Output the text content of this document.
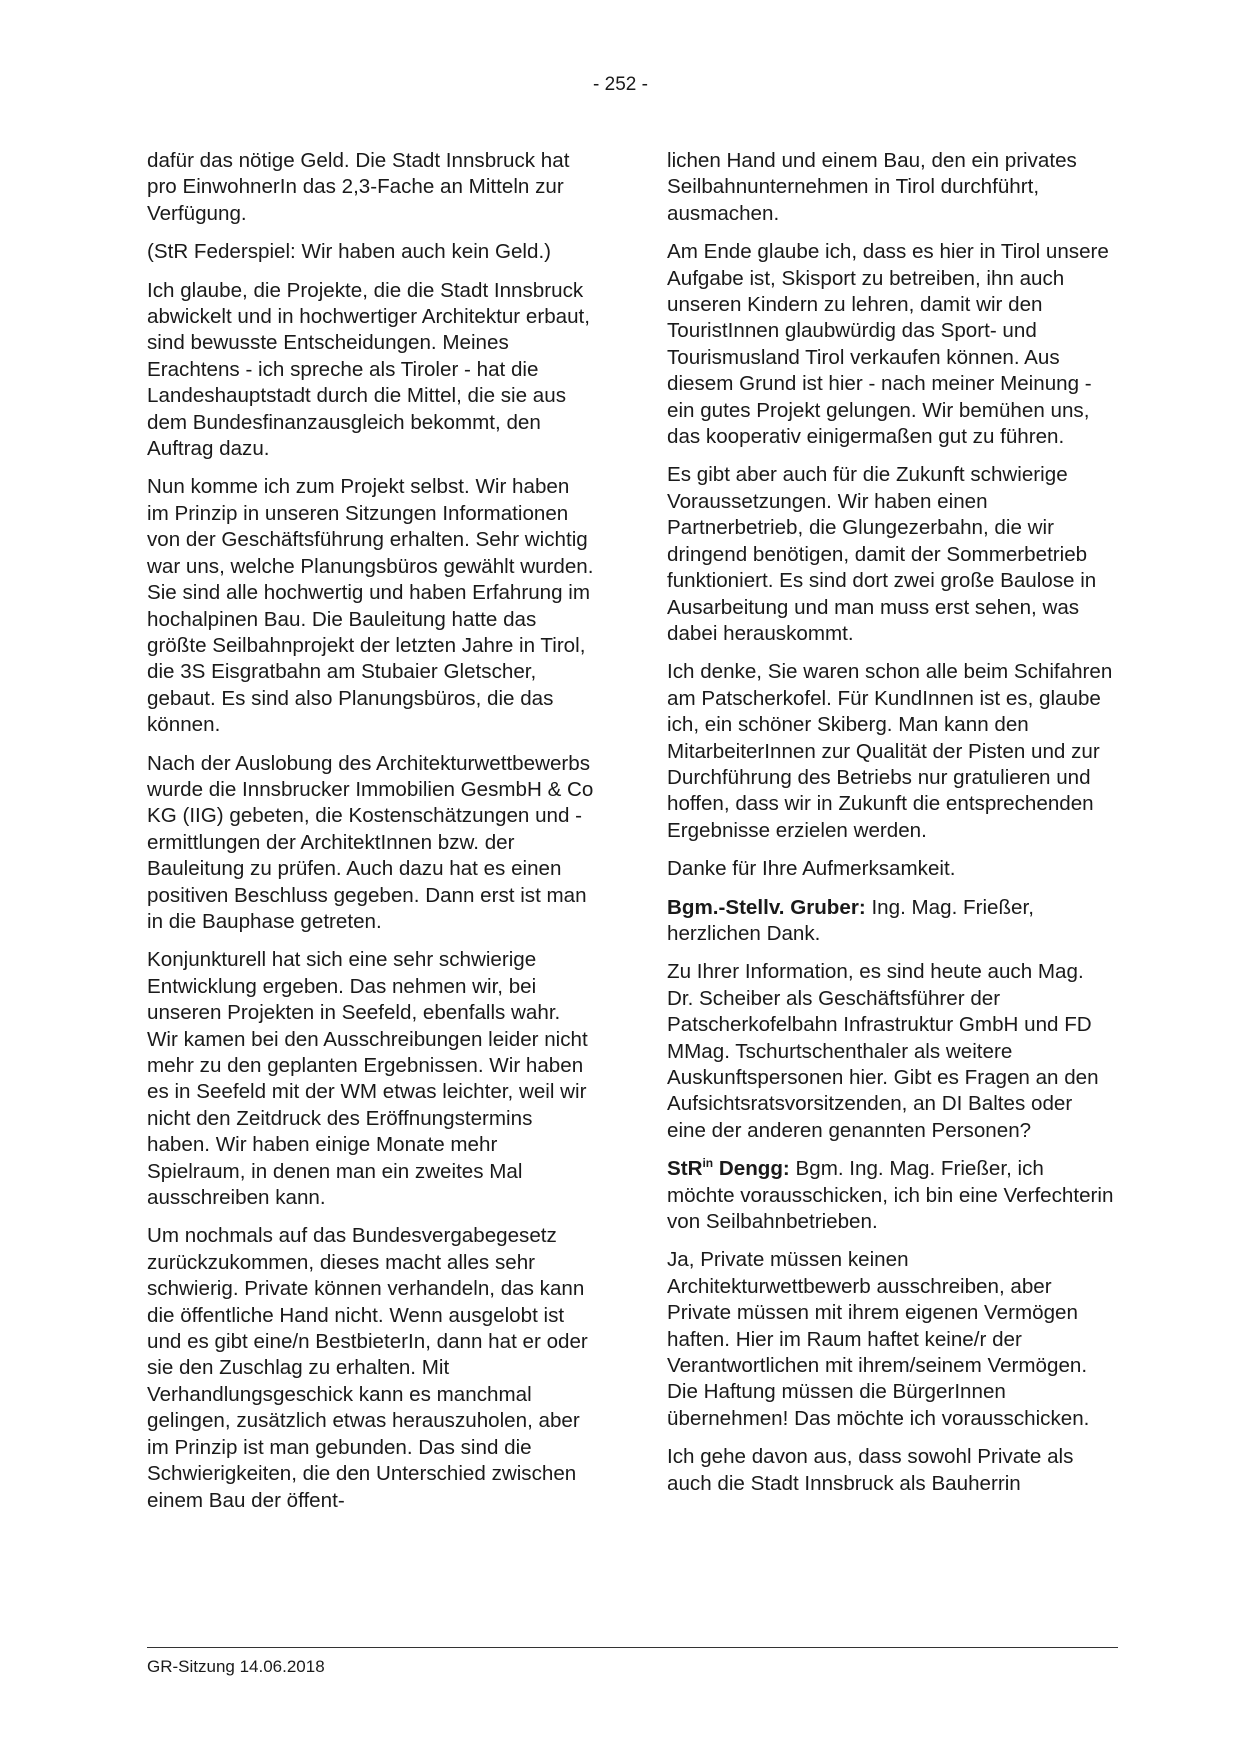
- 252 -

dafür das nötige Geld. Die Stadt Innsbruck hat pro EinwohnerIn das 2,3-Fache an Mitteln zur Verfügung.

(StR Federspiel: Wir haben auch kein Geld.)

Ich glaube, die Projekte, die die Stadt Innsbruck abwickelt und in hochwertiger Architektur erbaut, sind bewusste Entscheidungen. Meines Erachtens - ich spreche als Tiroler - hat die Landeshauptstadt durch die Mittel, die sie aus dem Bundesfinanzausgleich bekommt, den Auftrag dazu.

Nun komme ich zum Projekt selbst. Wir haben im Prinzip in unseren Sitzungen Informationen von der Geschäftsführung erhalten. Sehr wichtig war uns, welche Planungsbüros gewählt wurden. Sie sind alle hochwertig und haben Erfahrung im hochalpinen Bau. Die Bauleitung hatte das größte Seilbahnprojekt der letzten Jahre in Tirol, die 3S Eisgratbahn am Stubaier Gletscher, gebaut. Es sind also Planungsbüros, die das können.

Nach der Auslobung des Architekturwettbewerbs wurde die Innsbrucker Immobilien GesmbH & Co KG (IIG) gebeten, die Kostenschätzungen und -ermittlungen der ArchitektInnen bzw. der Bauleitung zu prüfen. Auch dazu hat es einen positiven Beschluss gegeben. Dann erst ist man in die Bauphase getreten.

Konjunkturell hat sich eine sehr schwierige Entwicklung ergeben. Das nehmen wir, bei unseren Projekten in Seefeld, ebenfalls wahr. Wir kamen bei den Ausschreibungen leider nicht mehr zu den geplanten Ergebnissen. Wir haben es in Seefeld mit der WM etwas leichter, weil wir nicht den Zeitdruck des Eröffnungstermins haben. Wir haben einige Monate mehr Spielraum, in denen man ein zweites Mal ausschreiben kann.

Um nochmals auf das Bundesvergabegesetz zurückzukommen, dieses macht alles sehr schwierig. Private können verhandeln, das kann die öffentliche Hand nicht. Wenn ausgelobt ist und es gibt eine/n BestbieterIn, dann hat er oder sie den Zuschlag zu erhalten. Mit Verhandlungsgeschick kann es manchmal gelingen, zusätzlich etwas herauszuholen, aber im Prinzip ist man gebunden. Das sind die Schwierigkeiten, die den Unterschied zwischen einem Bau der öffent-

lichen Hand und einem Bau, den ein privates Seilbahnunternehmen in Tirol durchführt, ausmachen.

Am Ende glaube ich, dass es hier in Tirol unsere Aufgabe ist, Skisport zu betreiben, ihn auch unseren Kindern zu lehren, damit wir den TouristInnen glaubwürdig das Sport- und Tourismusland Tirol verkaufen können. Aus diesem Grund ist hier - nach meiner Meinung - ein gutes Projekt gelungen. Wir bemühen uns, das kooperativ einigermaßen gut zu führen.

Es gibt aber auch für die Zukunft schwierige Voraussetzungen. Wir haben einen Partnerbetrieb, die Glungezerbahn, die wir dringend benötigen, damit der Sommerbetrieb funktioniert. Es sind dort zwei große Baulose in Ausarbeitung und man muss erst sehen, was dabei herauskommt.

Ich denke, Sie waren schon alle beim Schifahren am Patscherkofel. Für KundInnen ist es, glaube ich, ein schöner Skiberg. Man kann den MitarbeiterInnen zur Qualität der Pisten und zur Durchführung des Betriebs nur gratulieren und hoffen, dass wir in Zukunft die entsprechenden Ergebnisse erzielen werden.

Danke für Ihre Aufmerksamkeit.

Bgm.-Stellv. Gruber: Ing. Mag. Frießer, herzlichen Dank.

Zu Ihrer Information, es sind heute auch Mag. Dr. Scheiber als Geschäftsführer der Patscherkofelbahn Infrastruktur GmbH und FD MMag. Tschurtschenthaler als weitere Auskunftspersonen hier. Gibt es Fragen an den Aufsichtsratsvorsitzenden, an DI Baltes oder eine der anderen genannten Personen?

StR$^{in}$ Dengg: Bgm. Ing. Mag. Frießer, ich möchte vorausschicken, ich bin eine Verfechterin von Seilbahnbetrieben.

Ja, Private müssen keinen Architekturwettbewerb ausschreiben, aber Private müssen mit ihrem eigenen Vermögen haften. Hier im Raum haftet keine/r der Verantwortlichen mit ihrem/seinem Vermögen. Die Haftung müssen die BürgerInnen übernehmen! Das möchte ich vorausschicken.

Ich gehe davon aus, dass sowohl Private als auch die Stadt Innsbruck als Bauherrin

GR-Sitzung 14.06.2018
